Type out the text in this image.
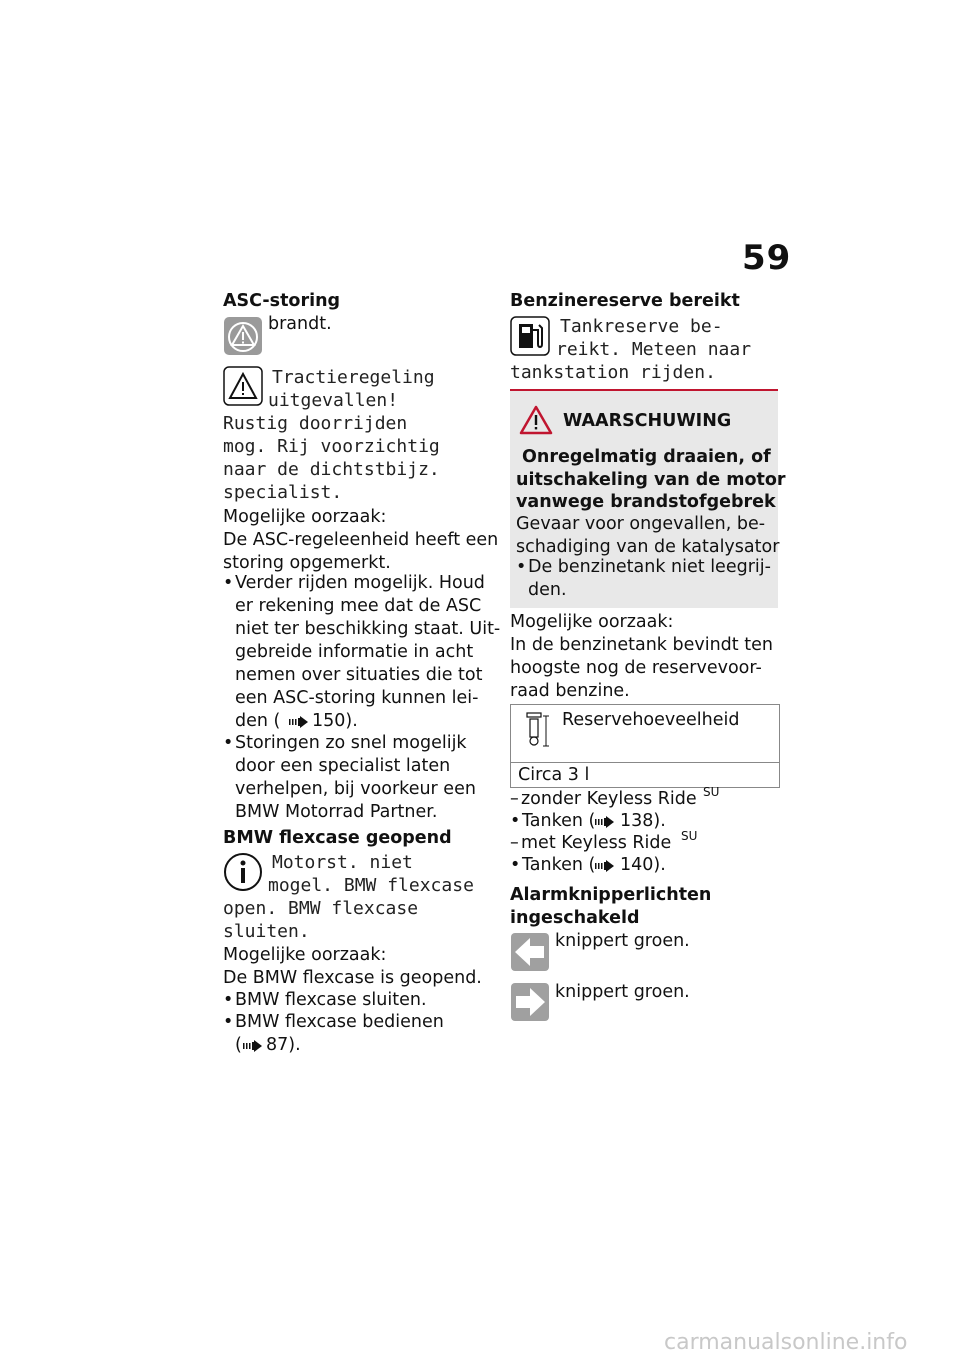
59
ASC-storing
brandt.
Tractieregeling
uitgevallen!
Rustig doorrijden
mog. Rij voorzichtig
naar de dichtstbijz.
specialist.
Mogelijke oorzaak:
De ASC-regeleenheid heeft een
storing opgemerkt.
• Verder rijden mogelijk. Houd
er rekening mee dat de ASC
niet ter beschikking staat. Uit-
gebreide informatie in acht
nemen over situaties die tot
een ASC-storing kunnen lei-
den ( 150).
• Storingen zo snel mogelijk
door een specialist laten
verhelpen, bij voorkeur een
BMW Motorrad Partner.
BMW flexcase geopend
Motorst. niet
mogel. BMW flexcase
open. BMW flexcase
sluiten.
Mogelijke oorzaak:
De BMW flexcase is geopend.
• BMW flexcase sluiten.
• BMW flexcase bedienen
( 87).
Benzinereserve bereikt
Tankreserve be-
reikt. Meteen naar
tankstation rijden.
WAARSCHUWING
Onregelmatig draaien, of
uitschakeling van de motor
vanwege brandstofgebrek
Gevaar voor ongevallen, be-
schadiging van de katalysator
• De benzinetank niet leegrij-
den.
Mogelijke oorzaak:
In de benzinetank bevindt ten
hoogste nog de reservevoor-
raad benzine.
Reservehoeveelheid
Circa 3 l
– zonder Keyless Ride SU
• Tanken ( 138).
– met Keyless Ride SU
• Tanken ( 140).
Alarmknipperlichten
ingeschakeld
knippert groen.
knippert groen.
carmanualsonline.info
